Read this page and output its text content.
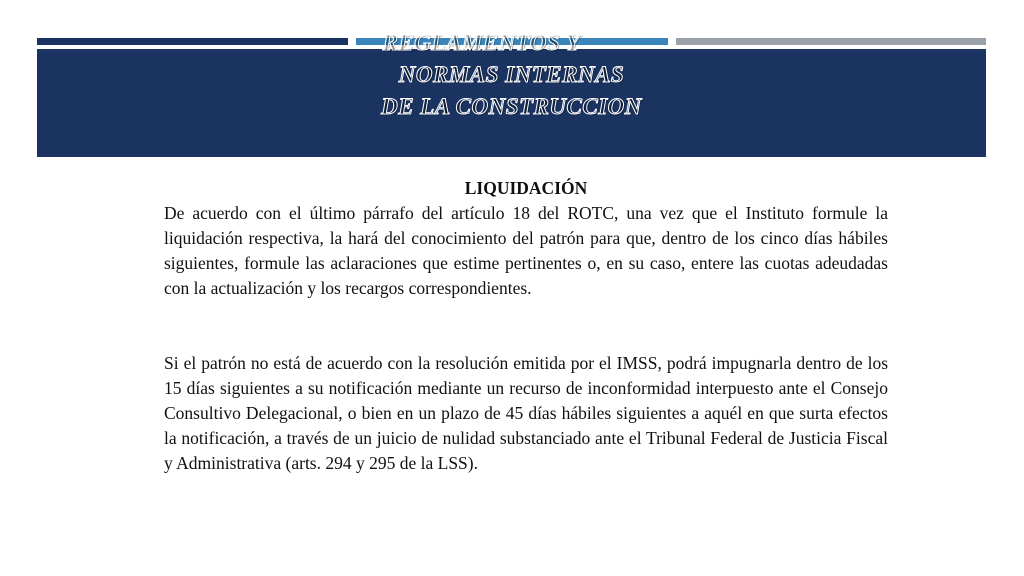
REGLAMENTOS Y
NORMAS INTERNAS
DE LA CONSTRUCCION

LIQUIDACIÓN

De acuerdo con el último párrafo del artículo 18 del ROTC, una vez que el Instituto formule la liquidación respectiva, la hará del conocimiento del patrón para que, dentro de los cinco días hábiles siguientes, formule las aclaraciones que estime pertinentes o, en su caso, entere las cuotas adeudadas con la actualización y los recargos correspondientes.

Si el patrón no está de acuerdo con la resolución emitida por el IMSS, podrá impugnarla dentro de los 15 días siguientes a su notificación mediante un recurso de inconformidad interpuesto ante el Consejo Consultivo Delegacional, o bien en un plazo de 45 días hábiles siguientes a aquél en que surta efectos la notificación, a través de un juicio de nulidad substanciado ante el Tribunal Federal de Justicia Fiscal y Administrativa (arts. 294 y 295 de la LSS).
